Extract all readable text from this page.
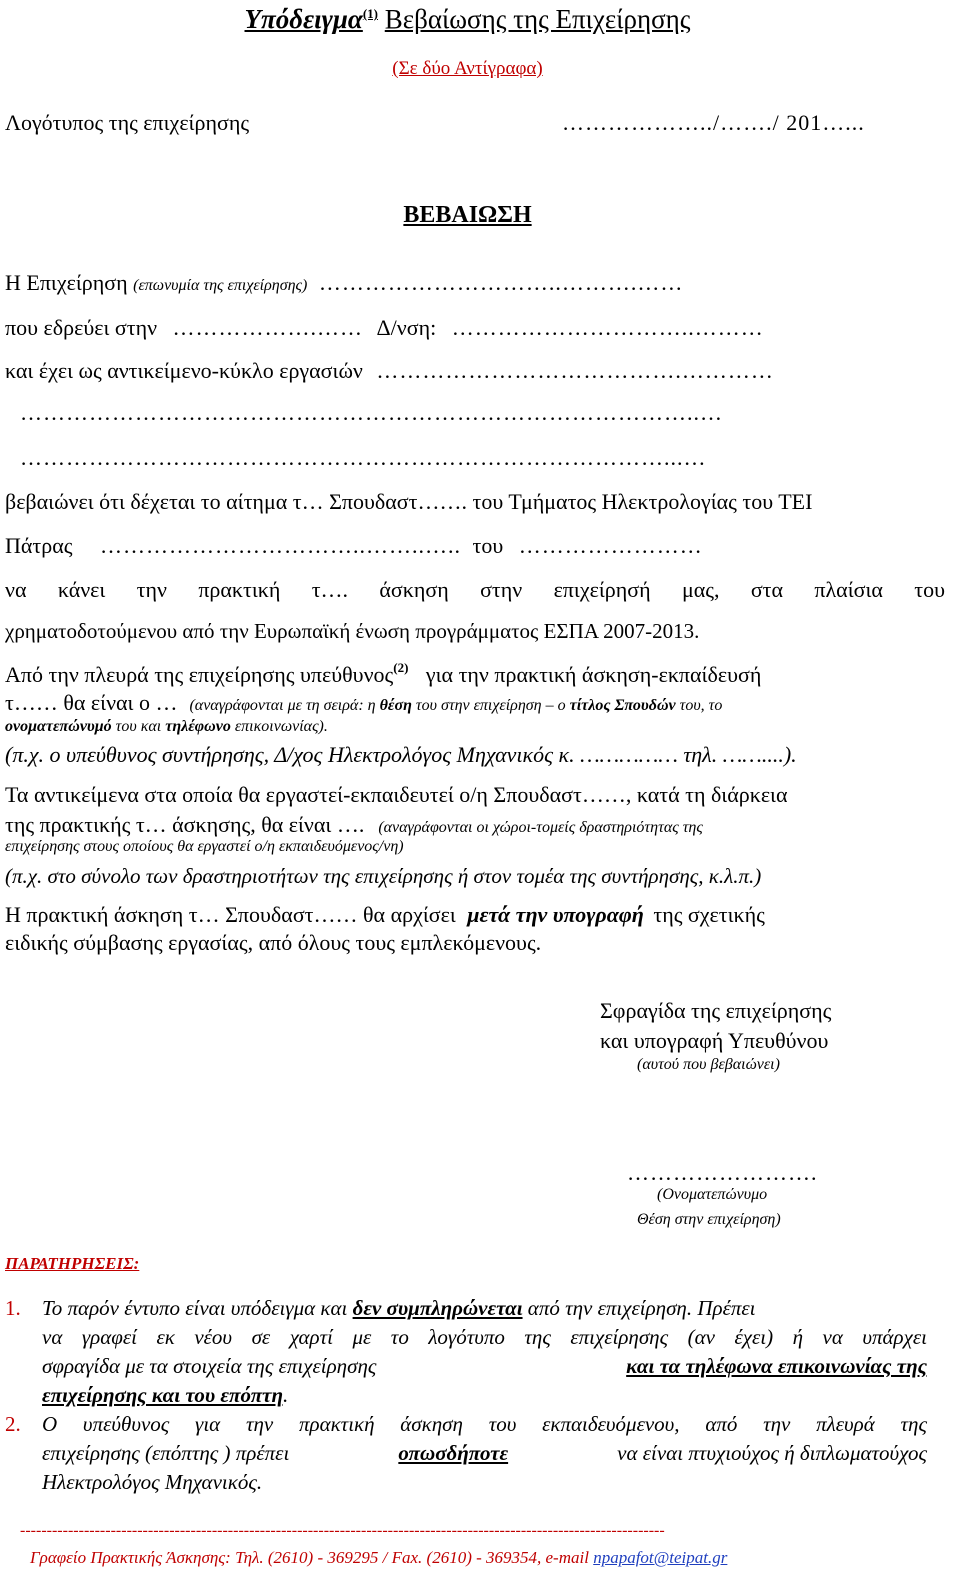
Υπόδειγμα$^{(1)}$ Βεβαίωσης της Επιχείρησης
(Σε δύο Αντίγραφα)
Λογότυπος της επιχείρησης	………………../……./ 201…...
ΒΕΒΑΙΩΣΗ
Η Επιχείρηση (επωνυμία της επιχείρησης) …………………………..……….……
που εδρεύει στην ……………….…… Δ/νση: …………………………..………
και έχει ως αντικείμενο-κύκλο εργασιών ………………………………….…………
……………………………………………………………………………..…
…………………………………………………………………………...…
βεβαιώνει ότι δέχεται το αίτημα τ… Σπουδαστ……. του Τμήματος Ηλεκτρολογίας του ΤΕΙ
Πάτρας ……………………………..……..….. του ……………………
να κάνει την πρακτική τ…. άσκηση στην επιχείρησή μας, στα πλαίσια του
χρηματοδοτούμενου από την Ευρωπαϊκή ένωση προγράμματος ΕΣΠΑ 2007-2013.
Από την πλευρά της επιχείρησης υπεύθυνος$^{(2)}$ για την πρακτική άσκηση-εκπαίδευσή
τ…… θα είναι ο … (αναγράφονται με τη σειρά: η θέση του στην επιχείρηση – ο τίτλος Σπουδών του, το
ονοματεπώνυμό του και τηλέφωνο επικοινωνίας).
(π.χ. ο υπεύθυνος συντήρησης, Δ/χος Ηλεκτρολόγος Μηχανικός κ. …………… τηλ. ……....).
Τα αντικείμενα στα οποία θα εργαστεί-εκπαιδευτεί ο/η Σπουδαστ……, κατά τη διάρκεια
της πρακτικής τ… άσκησης, θα είναι …. (αναγράφονται οι χώροι-τομείς δραστηριότητας της
επιχείρησης στους οποίους θα εργαστεί ο/η εκπαιδευόμενος/νη)
(π.χ. στο σύνολο των δραστηριοτήτων της επιχείρησης ή στον τομέα της συντήρησης, κ.λ.π.)
Η πρακτική άσκηση τ… Σπουδαστ…… θα αρχίσει μετά την υπογραφή της σχετικής
ειδικής σύμβασης εργασίας, από όλους τους εμπλεκόμενους.
Σφραγίδα της επιχείρησης
και υπογραφή Υπευθύνου
(αυτού που βεβαιώνει)
…………………….
(Ονοματεπώνυμο
Θέση στην επιχείρηση)
ΠΑΡΑΤΗΡΗΣΕΙΣ:
1. Το παρόν έντυπο είναι υπόδειγμα και δεν συμπληρώνεται από την επιχείρηση. Πρέπει
να γραφεί εκ νέου σε χαρτί με το λογότυπο της επιχείρησης (αν έχει) ή να υπάρχει
σφραγίδα με τα στοιχεία της επιχείρησης	και τα τηλέφωνα επικοινωνίας της
επιχείρησης και του επόπτη.
2. Ο υπεύθυνος για την πρακτική άσκηση του εκπαιδευόμενου, από την πλευρά της
επιχείρησης (επόπτης ) πρέπει	οπωσδήποτε	να είναι πτυχιούχος ή διπλωματούχος
Ηλεκτρολόγος Μηχανικός.
-------------------------------------------------------------------------------------------------------------------------
Γραφείο Πρακτικής Άσκησης: Τηλ. (2610) - 369295 / Fax. (2610) - 369354, e-mail npapafot@teipat.gr
